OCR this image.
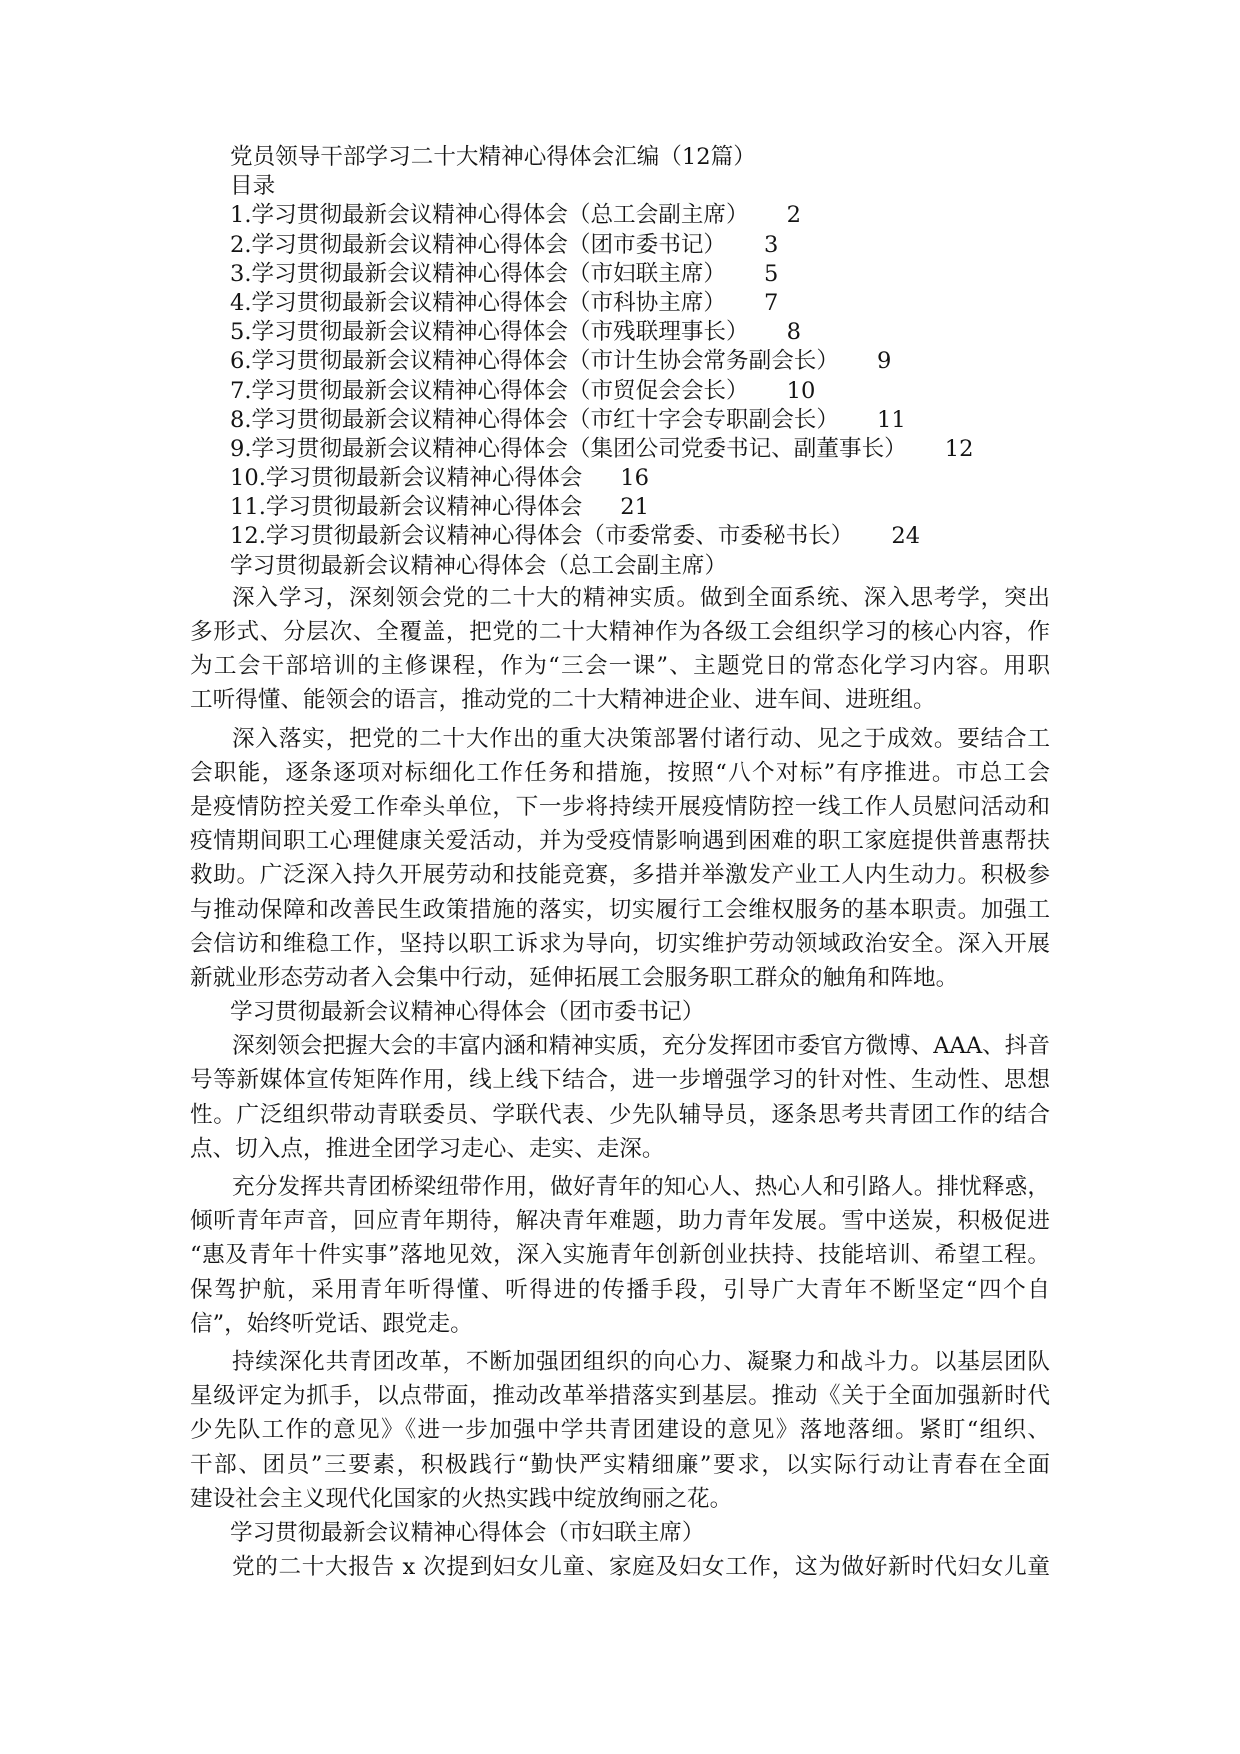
党员领导干部学习二十大精神心得体会汇编（12篇）
目录
1.学习贯彻最新会议精神心得体会（总工会副主席） 2
2.学习贯彻最新会议精神心得体会（团市委书记） 3
3.学习贯彻最新会议精神心得体会（市妇联主席） 5
4.学习贯彻最新会议精神心得体会（市科协主席） 7
5.学习贯彻最新会议精神心得体会（市残联理事长） 8
6.学习贯彻最新会议精神心得体会（市计生协会常务副会长） 9
7.学习贯彻最新会议精神心得体会（市贸促会会长） 10
8.学习贯彻最新会议精神心得体会（市红十字会专职副会长） 11
9.学习贯彻最新会议精神心得体会（集团公司党委书记、副董事长） 12
10.学习贯彻最新会议精神心得体会 16
11.学习贯彻最新会议精神心得体会 21
12.学习贯彻最新会议精神心得体会（市委常委、市委秘书长） 24
学习贯彻最新会议精神心得体会（总工会副主席）
深入学习，深刻领会党的二十大的精神实质。做到全面系统、深入思考学，突出
多形式、分层次、全覆盖，把党的二十大精神作为各级工会组织学习的核心内容，作
为工会干部培训的主修课程，作为“三会一课”、主题党日的常态化学习内容。用职
工听得懂、能领会的语言，推动党的二十大精神进企业、进车间、进班组。
深入落实，把党的二十大作出的重大决策部署付诸行动、见之于成效。要结合工
会职能，逐条逐项对标细化工作任务和措施，按照“八个对标”有序推进。市总工会
是疫情防控关爱工作牵头单位，下一步将持续开展疫情防控一线工作人员慰问活动和
疫情期间职工心理健康关爱活动，并为受疫情影响遇到困难的职工家庭提供普惠帮扶
救助。广泛深入持久开展劳动和技能竞赛，多措并举激发产业工人内生动力。积极参
与推动保障和改善民生政策措施的落实，切实履行工会维权服务的基本职责。加强工
会信访和维稳工作，坚持以职工诉求为导向，切实维护劳动领域政治安全。深入开展
新就业形态劳动者入会集中行动，延伸拓展工会服务职工群众的触角和阵地。
学习贯彻最新会议精神心得体会（团市委书记）
深刻领会把握大会的丰富内涵和精神实质，充分发挥团市委官方微博、AAA、抖音
号等新媒体宣传矩阵作用，线上线下结合，进一步增强学习的针对性、生动性、思想
性。广泛组织带动青联委员、学联代表、少先队辅导员，逐条思考共青团工作的结合
点、切入点，推进全团学习走心、走实、走深。
充分发挥共青团桥梁纽带作用，做好青年的知心人、热心人和引路人。排忧释惑，
倾听青年声音，回应青年期待，解决青年难题，助力青年发展。雪中送炭，积极促进
“惠及青年十件实事”落地见效，深入实施青年创新创业扶持、技能培训、希望工程。
保驾护航，采用青年听得懂、听得进的传播手段，引导广大青年不断坚定“四个自
信”，始终听党话、跟党走。
持续深化共青团改革，不断加强团组织的向心力、凝聚力和战斗力。以基层团队
星级评定为抓手，以点带面，推动改革举措落实到基层。推动《关于全面加强新时代
少先队工作的意见》《进一步加强中学共青团建设的意见》落地落细。紧盯“组织、
干部、团员”三要素，积极践行“勤快严实精细廉”要求，以实际行动让青春在全面
建设社会主义现代化国家的火热实践中绽放绚丽之花。
学习贯彻最新会议精神心得体会（市妇联主席）
党的二十大报告 x 次提到妇女儿童、家庭及妇女工作，这为做好新时代妇女儿童
